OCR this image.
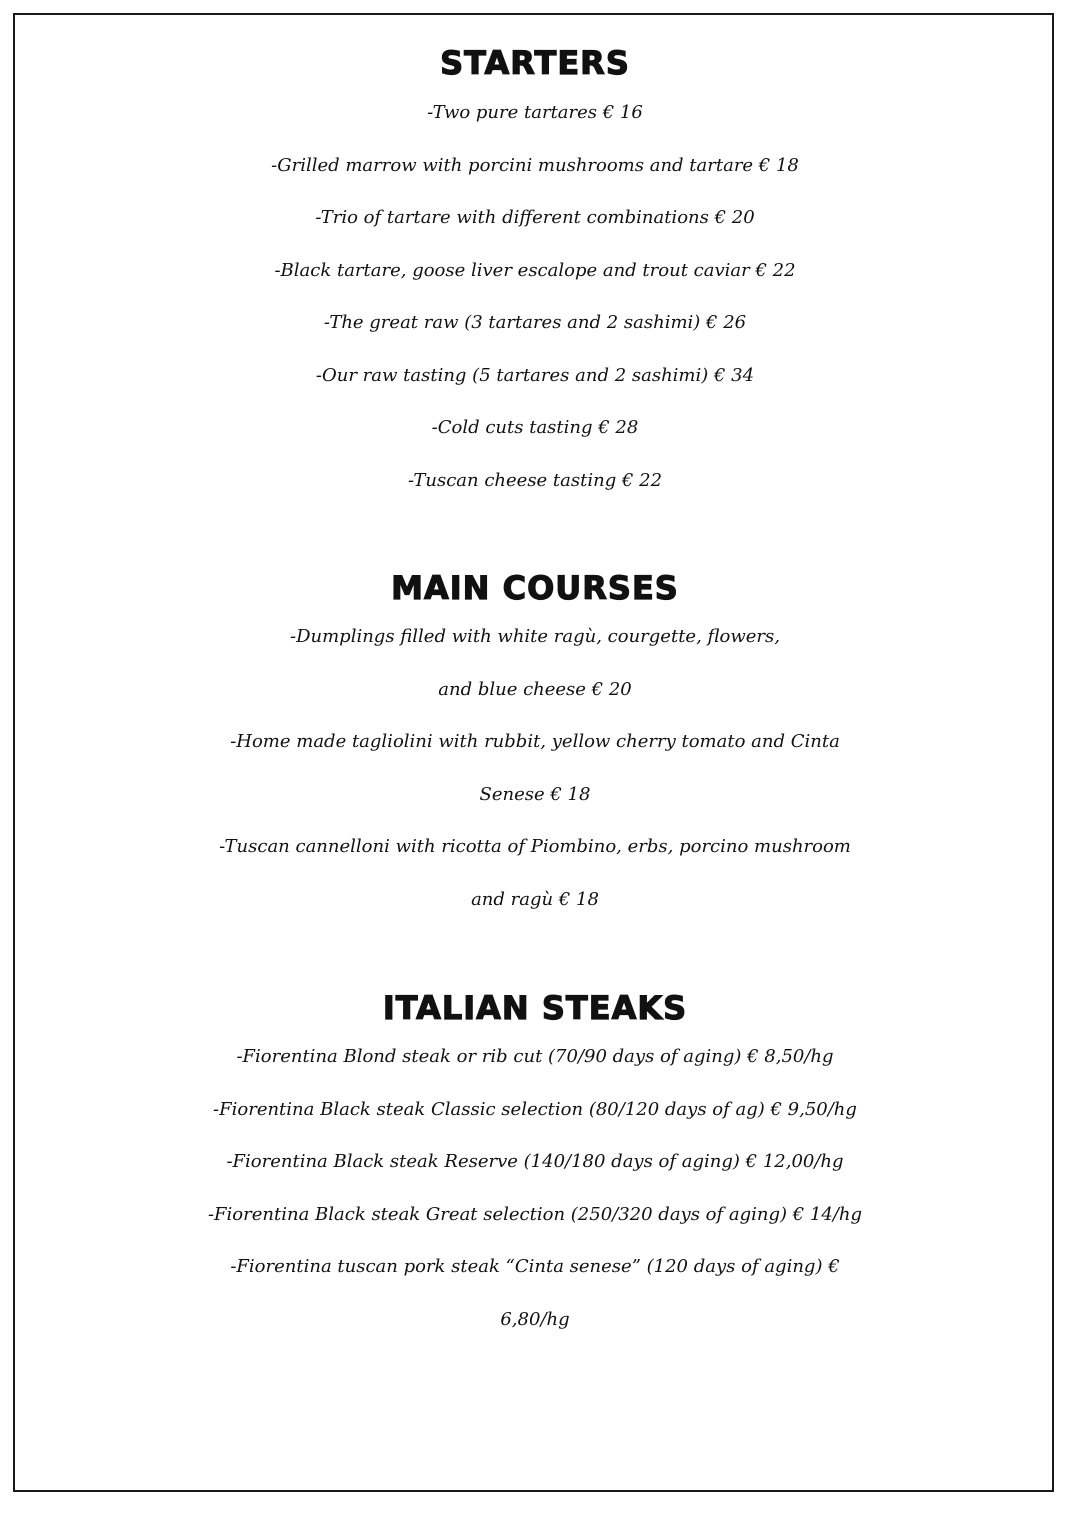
STARTERS

-Two pure tartares € 16

-Grilled marrow with porcini mushrooms and tartare € 18

-Trio of tartare with different combinations € 20

-Black tartare, goose liver escalope and trout caviar € 22

-The great raw (3 tartares and 2 sashimi) € 26

-Our raw tasting (5 tartares and 2 sashimi) € 34

-Cold cuts tasting € 28

-Tuscan cheese tasting € 22

MAIN COURSES

-Dumplings filled with white ragù, courgette, flowers,

and blue cheese € 20

-Home made tagliolini with rubbit, yellow cherry tomato and Cinta

Senese € 18

-Tuscan cannelloni with ricotta of Piombino, erbs, porcino mushroom

and ragù € 18

ITALIAN STEAKS

-Fiorentina Blond steak or rib cut (70/90 days of aging) € 8,50/hg

-Fiorentina Black steak Classic selection (80/120 days of ag) € 9,50/hg

-Fiorentina Black steak Reserve (140/180 days of aging) € 12,00/hg

-Fiorentina Black steak Great selection (250/320 days of aging) € 14/hg

-Fiorentina tuscan pork steak “Cinta senese” (120 days of aging) €

6,80/hg
